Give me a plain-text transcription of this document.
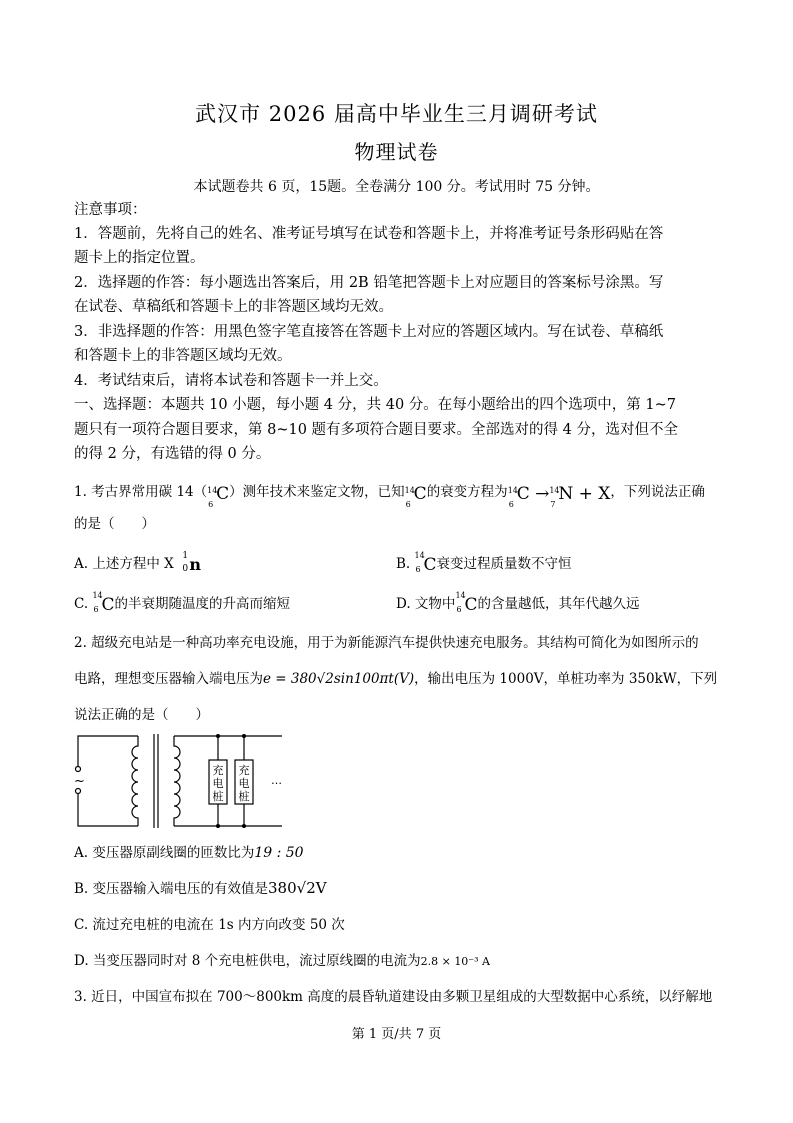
武汉市 2026 届高中毕业生三月调研考试
物理试卷
本试题卷共 6 页，15题。全卷满分 100 分。考试用时 75 分钟。
注意事项：
1．答题前，先将自己的姓名、准考证号填写在试卷和答题卡上，并将准考证号条形码贴在答
题卡上的指定位置。
2．选择题的作答：每小题选出答案后，用 2B 铅笔把答题卡上对应题目的答案标号涂黑。写
在试卷、草稿纸和答题卡上的非答题区域均无效。
3．非选择题的作答：用黑色签字笔直接答在答题卡上对应的答题区域内。写在试卷、草稿纸
和答题卡上的非答题区域均无效。
4．考试结束后，请将本试卷和答题卡一并上交。
一、选择题：本题共 10 小题，每小题 4 分，共 40 分。在每小题给出的四个选项中，第 1~7
题只有一项符合题目要求，第 8~10 题有多项符合题目要求。全部选对的得 4 分，选对但不全
的得 2 分，有选错的得 0 分。
1. 考古界常用碳 14（ 14
6
C）测年技术来鉴定文物，已知 14
6
C的衰变方程为 14
6
C → 14
7
N + X，下列说法正确
的是（　　）
A. 上述方程中 X
1
0 n	B.
14
6 C衰变过程质量数不守恒
C.
14
6 C的半衰期随温度的升高而缩短	D. 文物中
14
6 C的含量越低，其年代越久远
2. 超级充电站是一种高功率充电设施，用于为新能源汽车提供快速充电服务。其结构可简化为如图所示的
电路，理想变压器输入端电压为e = 380√2sin100πt(V)，输出电压为 1000V，单桩功率为 350kW，下列
说法正确的是（　　）
~	…
充
电
桩
充
电
桩
A. 变压器原副线圈的匝数比为19 : 50
B. 变压器输入端电压的有效值是380√2V
C. 流过充电桩的电流在 1s 内方向改变 50 次
D. 当变压器同时对 8 个充电桩供电，流过原线圈的电流为2.8 × 10⁻³ A
3. 近日，中国宣布拟在 700～800km 高度的晨昏轨道建设由多颗卫星组成的大型数据中心系统，以纾解地
第 1 页/共 7 页
